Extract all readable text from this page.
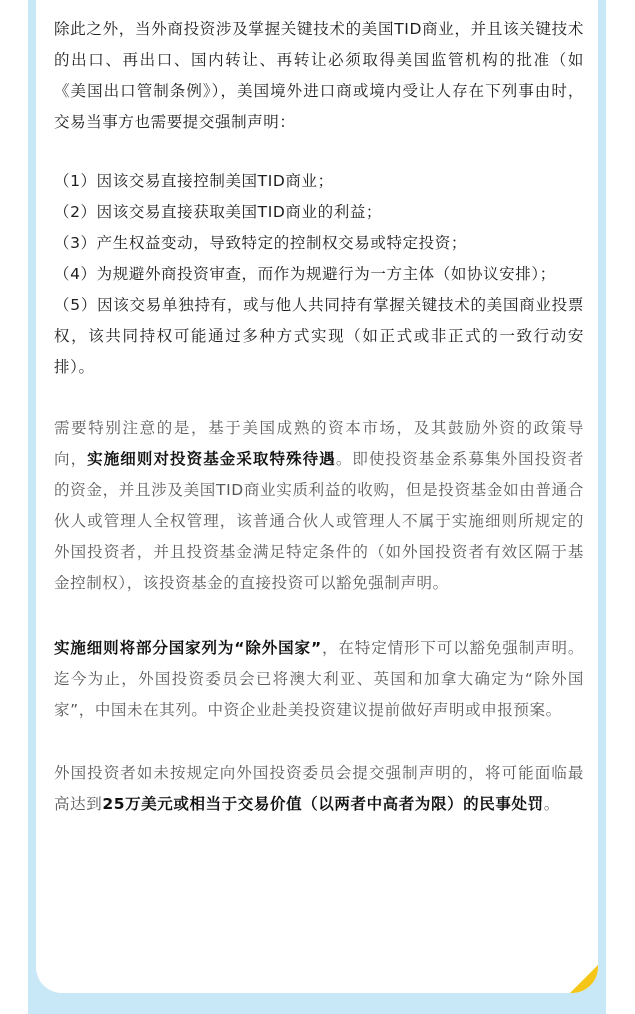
除此之外，当外商投资涉及掌握关键技术的美国TID商业，并且该关键技术的出口、再出口、国内转让、再转让必须取得美国监管机构的批准（如《美国出口管制条例》），美国境外进口商或境内受让人存在下列事由时，交易当事方也需要提交强制声明：

（1）因该交易直接控制美国TID商业；

（2）因该交易直接获取美国TID商业的利益；

（3）产生权益变动，导致特定的控制权交易或特定投资；

（4）为规避外商投资审查，而作为规避行为一方主体（如协议安排）；

（5）因该交易单独持有，或与他人共同持有掌握关键技术的美国商业投票权，该共同持权可能通过多种方式实现（如正式或非正式的一致行动安排）。

需要特别注意的是，基于美国成熟的资本市场，及其鼓励外资的政策导向，实施细则对投资基金采取特殊待遇。即使投资基金系募集外国投资者的资金，并且涉及美国TID商业实质利益的收购，但是投资基金如由普通合伙人或管理人全权管理，该普通合伙人或管理人不属于实施细则所规定的外国投资者，并且投资基金满足特定条件的（如外国投资者有效区隔于基金控制权），该投资基金的直接投资可以豁免强制声明。

实施细则将部分国家列为“除外国家”，在特定情形下可以豁免强制声明。迄今为止，外国投资委员会已将澳大利亚、英国和加拿大确定为“除外国家”，中国未在其列。中资企业赴美投资建议提前做好声明或申报预案。

外国投资者如未按规定向外国投资委员会提交强制声明的，将可能面临最高达到25万美元或相当于交易价值（以两者中高者为限）的民事处罚。
